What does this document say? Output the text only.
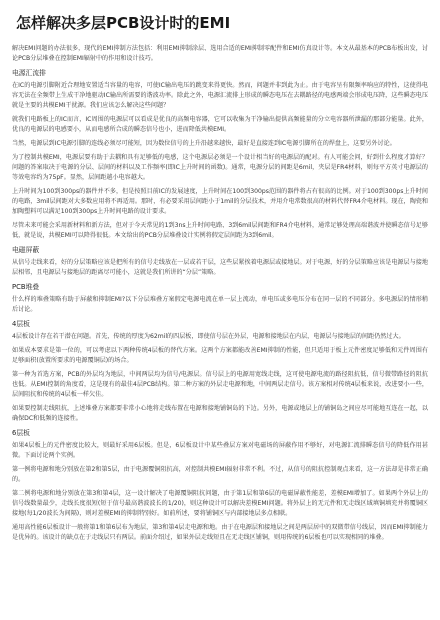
怎样解决多层PCB设计时的EMI
解决EMI问题的办法很多，现代的EMI抑制方法包括：利用EMI抑制涂层、选用合适的EMI抑制零配件和EMI仿真设计等。本文从最基本的PCB布板出发，讨论PCB分层堆叠在控制EMI辐射中的作用和设计技巧。
电源汇流排
在IC的电源引脚附近合理地安置适当容量的电容，可使IC输出电压的跳变来得更快。然而，问题并非到此为止。由于电容呈有限频率响应的特性，这使得电容无法在全频带上生成干净地驱动IC输出所需要的谐波功率。除此之外，电源汇流排上形成的瞬态电压在去耦路径的电感两端会形成电压降，这些瞬态电压就是主要的共模EMI干扰源。我们应该怎么解决这些问题？
就我们电路板上的IC而言，IC周围的电源层可以看成是优良的高频电容器，它可以收集为干净输出提供高频能量的分立电容器所泄漏的那部分能量。此外，优良的电源层的电感要小，从而电感所合成的瞬态信号也小，进而降低共模EMI。
当然，电源层到IC电源引脚的连线必须尽可能短，因为数位信号的上升沿越来越快，最好是直接连到IC电源引脚所在的焊盘上，这要另外讨论。
为了控制共模EMI，电源层要有助于去耦和具有足够低的电感，这个电源层必须是一个设计相当好的电源层的配对。有人可能会问，好到什么程度才算好？问题的答案取决于电源的分层、层间的材料以及工作频率(即IC上升时间的函数)。通常，电源分层的间距是6mil，夹层是FR4材料，则每平方英寸电源层的等效电容约为75pF。显然，层间距越小电容越大。
上升时间为100到300ps的器件并不多，但是按照目前IC的发展速度，上升时间在100到300ps范围的器件将占有很高的比例。对于100到300ps上升时间的电路，3mil层间距对大多数应用将不再适用。那时，有必要采用层间距小于1mil的分层技术，并用介电常数很高的材料代替FR4介电材料。现在，陶瓷和加陶塑料可以满足100到300ps上升时间电路的设计要求。
尽管未来可能会采用新材料和新方法，但对于今天常见的1到3ns上升时间电路、3到6mil层间距和FR4介电材料，通常足够处理高端谐波并使瞬态信号足够低，就是说，共模EMI可以降得很低。本文给出的PCB分层堆叠设计实例将假定层间距为3到6mil。
电磁屏蔽
从信号走线来看，好的分层策略应该是把所有的信号走线放在一层或若干层，这些层紧挨着电源层或接地层。对于电源，好的分层策略应该是电源层与接地层相邻，且电源层与接地层的距离尽可能小，这就是我们所讲的“分层”策略。
PCB堆叠
什么样的堆叠策略有助于屏蔽和抑制EMI?以下分层堆叠方案假定电源电流在单一层上流动，单电压或多电压分布在同一层的不同部分。多电源层的情形稍后讨论。
4层板
4层板设计存在若干潜在问题。首先，传统的厚度为62mil的四层板，即使信号层在外层，电源和接地层在内层，电源层与接地层的间距仍然过大。
如果成本要求是第一位的，可以考虑以下两种传统4层板的替代方案。这两个方案都能改善EMI抑制的性能，但只适用于板上元件密度足够低和元件周围有足够面积(放置所要求的电源覆铜层)的场合。
第一种为首选方案，PCB的外层均为地层，中间两层均为信号/电源层。信号层上的电源用宽线走线，这可使电源电流的路径阻抗低，信号微带路径的阻抗也低。从EMI控制的角度看，这是现有的最佳4层PCB结构。第二种方案的外层走电源和地，中间两层走信号。该方案相对传统4层板来说，改进要小一些，层间阻抗和传统的4层板一样欠佳。
如果要控制走线阻抗，上述堆叠方案都要非常小心地将走线布置在电源和接地铺铜岛的下边。另外，电源或地层上的铺铜岛之间应尽可能地互连在一起，以确保DC和低频的连接性。
6层板
如果4层板上的元件密度比较大，则最好采用6层板。但是，6层板设计中某些叠层方案对电磁场的屏蔽作用不够好，对电源汇流排瞬态信号的降低作用甚微。下面讨论两个实例。
第一例将电源和地分别放在第2和第5层，由于电源覆铜阻抗高，对控制共模EMI辐射非常不利。不过，从信号的阻抗控制观点来看，这一方法却是非常正确的。
第二例将电源和地分别放在第3和第4层，这一设计解决了电源覆铜阻抗问题，由于第1层和第6层的电磁屏蔽性能差，差模EMI增加了。如果两个外层上的信号线数量最少，走线长度很短(短于信号最高谐波波长的1/20)，则这种设计可以解决差模EMI问题。将外层上的无元件和无走线区域填铜填充并将覆铜区接地(每1/20波长为间隔)，则对差模EMI的抑制特别好。如前所述，要将铺铜区与内部接地层多点相联。
通用高性能6层板设计一般将第1和第6层布为地层，第3和第4层走电源和地。由于在电源层和接地层之间是两层居中的双微带信号线层，因而EMI抑制能力是优异的。该设计的缺点在于走线层只有两层。前面介绍过，如果外层走线短且在无走线区铺铜，则用传统的6层板也可以实现相同的堆叠。
